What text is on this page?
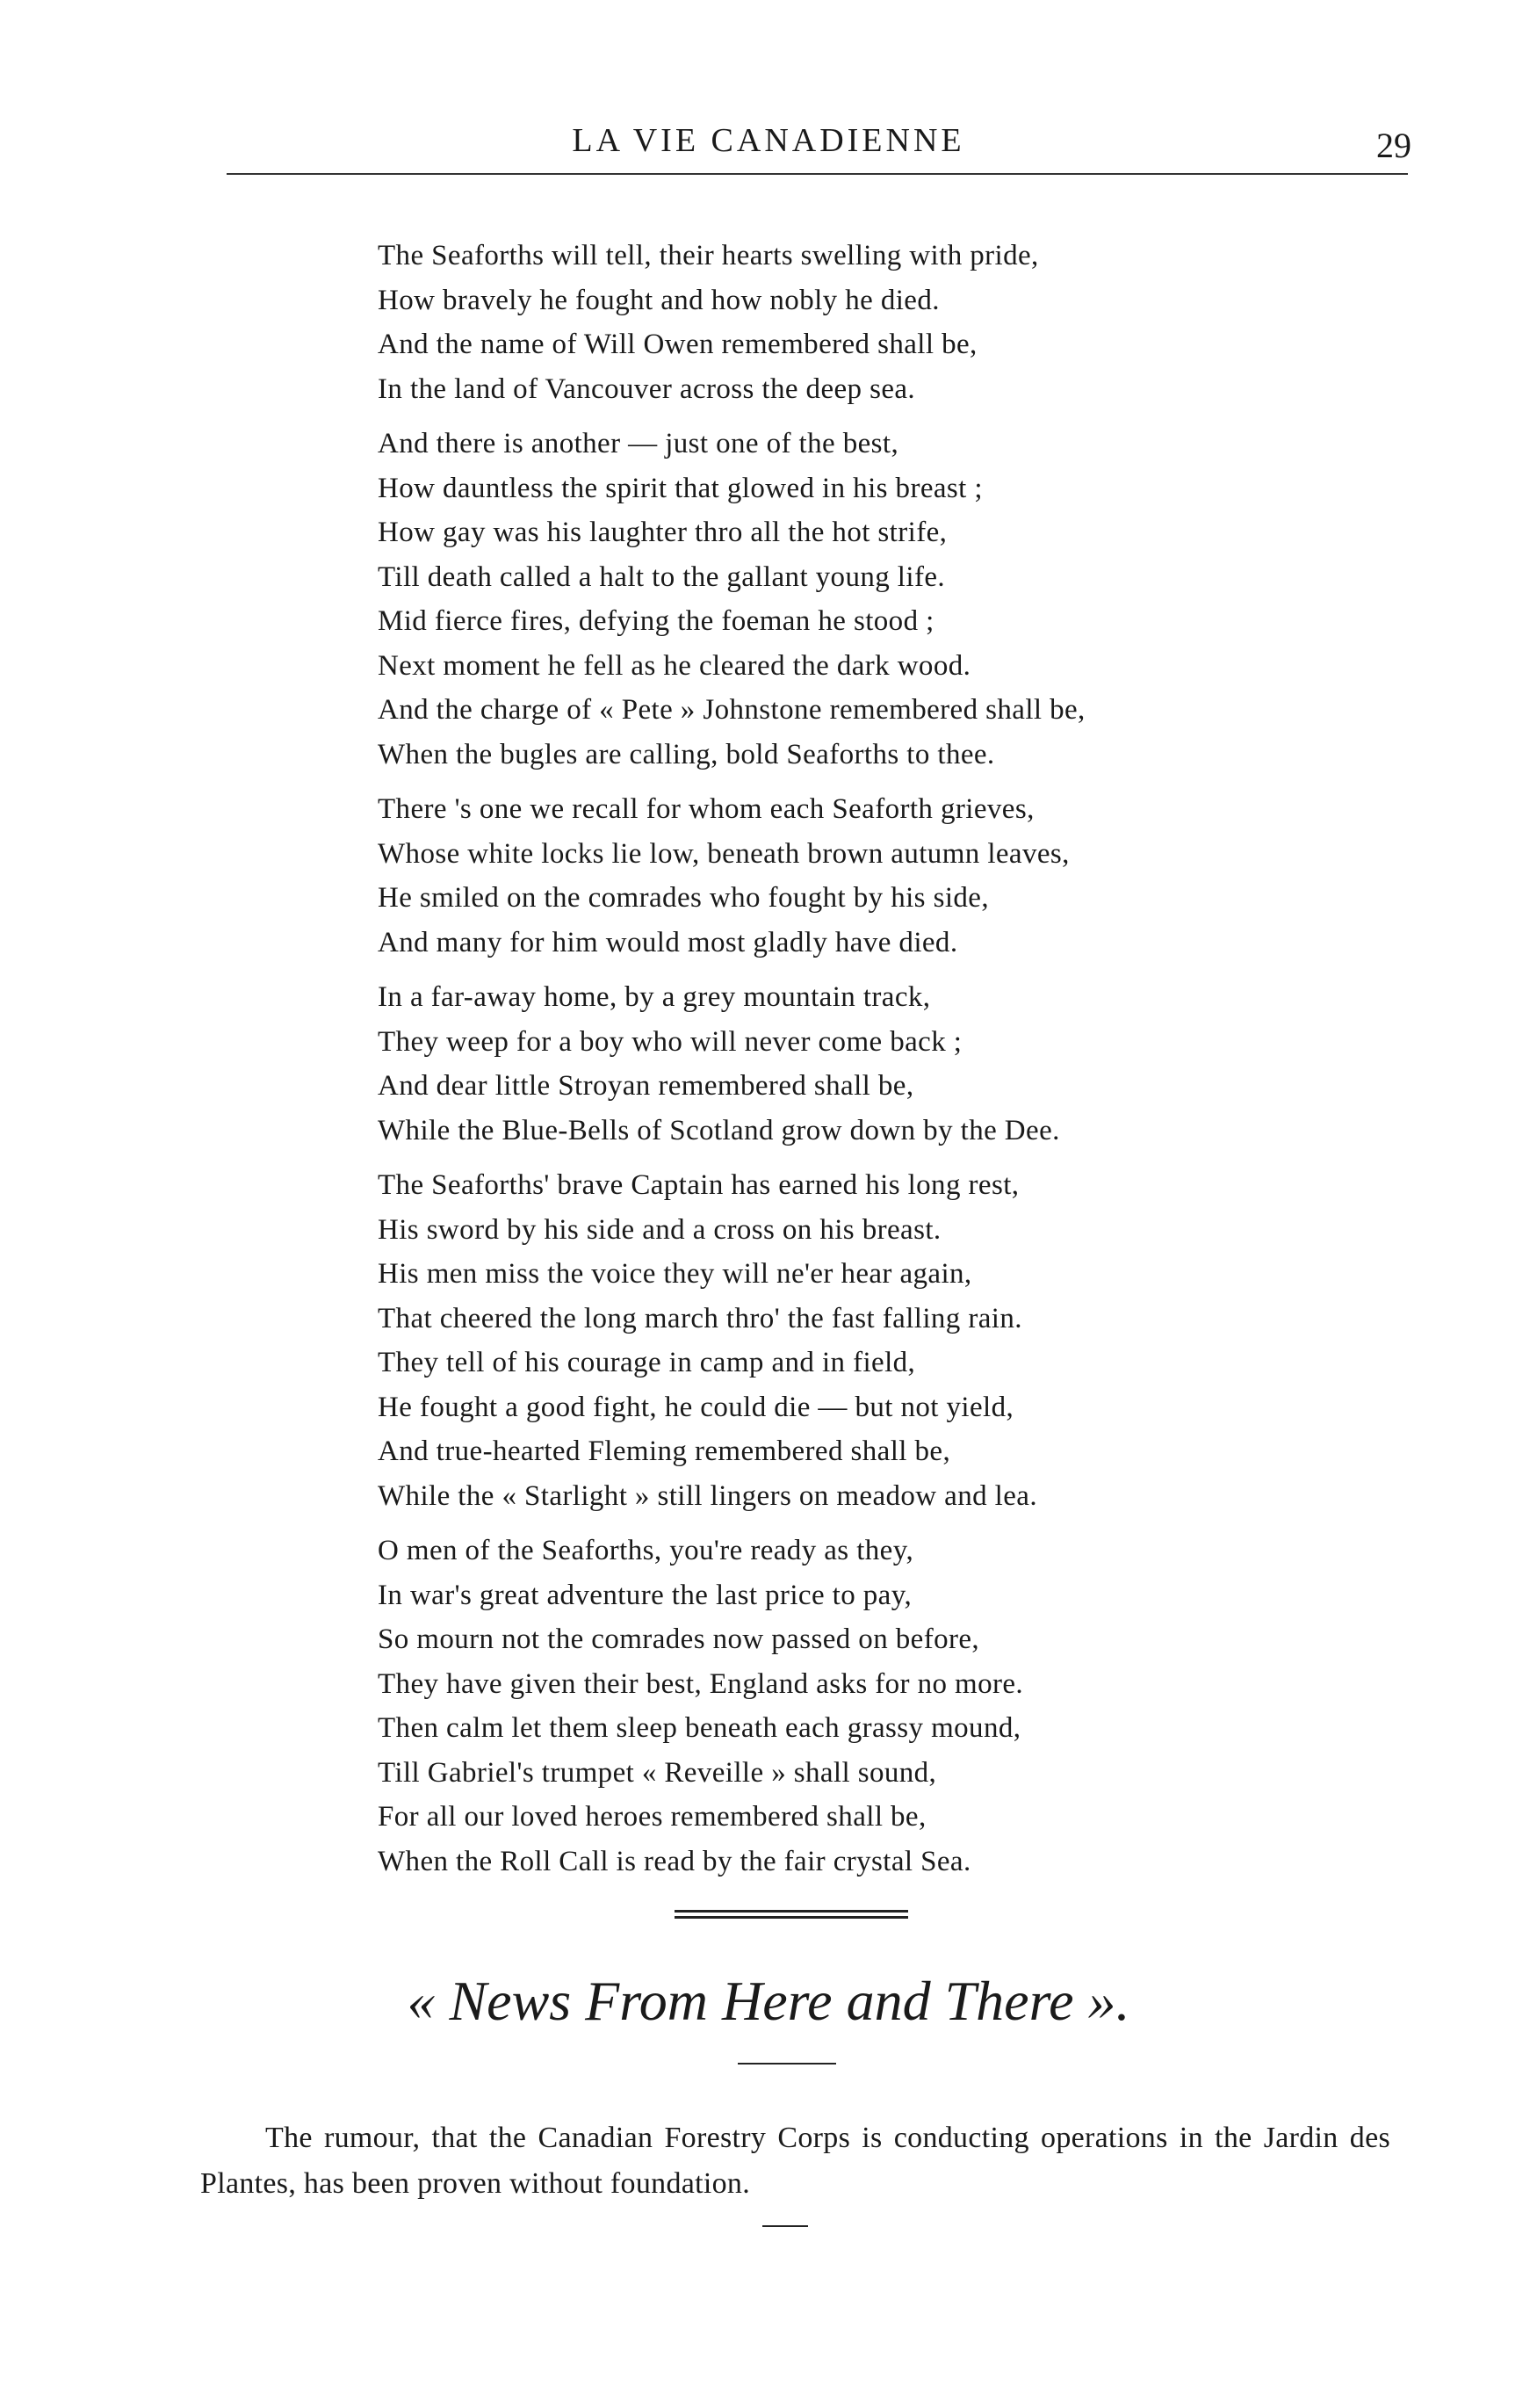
LA VIE CANADIENNE	29
The Seaforths will tell, their hearts swelling with pride,
How bravely he fought and how nobly he died.
And the name of Will Owen remembered shall be,
In the land of Vancouver across the deep sea.
And there is another — just one of the best,
How dauntless the spirit that glowed in his breast ;
How gay was his laughter thro all the hot strife,
Till death called a halt to the gallant young life.
Mid fierce fires, defying the foeman he stood ;
Next moment he fell as he cleared the dark wood.
And the charge of « Pete » Johnstone remembered shall be,
When the bugles are calling, bold Seaforths to thee.
There 's one we recall for whom each Seaforth grieves,
Whose white locks lie low, beneath brown autumn leaves,
He smiled on the comrades who fought by his side,
And many for him would most gladly have died.
In a far-away home, by a grey mountain track,
They weep for a boy who will never come back ;
And dear little Stroyan remembered shall be,
While the Blue-Bells of Scotland grow down by the Dee.
The Seaforths' brave Captain has earned his long rest,
His sword by his side and a cross on his breast.
His men miss the voice they will ne'er hear again,
That cheered the long march thro' the fast falling rain.
They tell of his courage in camp and in field,
He fought a good fight, he could die — but not yield,
And true-hearted Fleming remembered shall be,
While the « Starlight » still lingers on meadow and lea.
O men of the Seaforths, you're ready as they,
In war's great adventure the last price to pay,
So mourn not the comrades now passed on before,
They have given their best, England asks for no more.
Then calm let them sleep beneath each grassy mound,
Till Gabriel's trumpet « Reveille » shall sound,
For all our loved heroes remembered shall be,
When the Roll Call is read by the fair crystal Sea.
« News From Here and There ».
The rumour, that the Canadian Forestry Corps is conducting operations in the Jardin des Plantes, has been proven without foundation.
